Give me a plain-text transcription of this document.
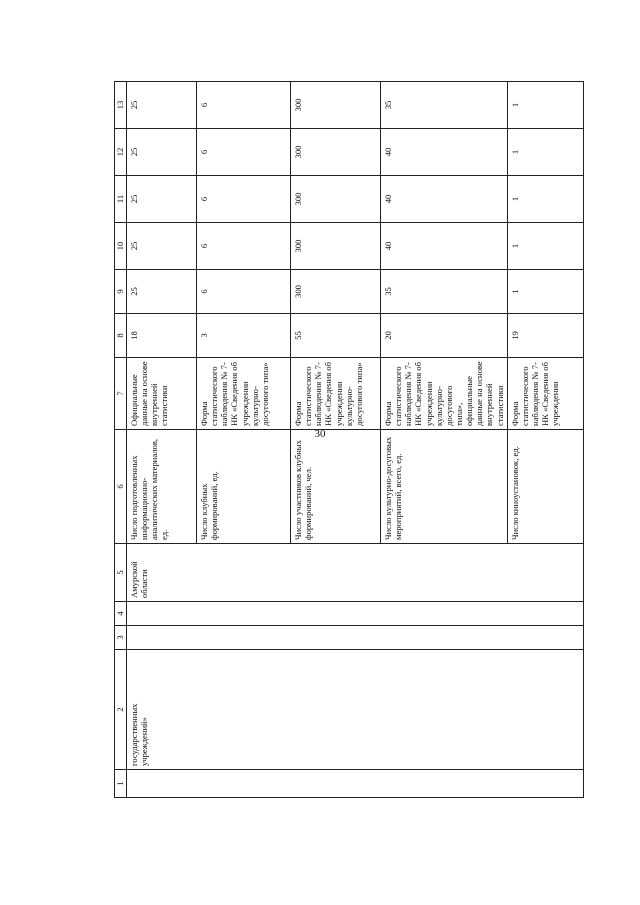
30
1	2	3	4	5	6	7	8	9	10	11	12	13
	государственных учреждений»			Амурской области	Число подготовленных информационно-аналитических материалов, ед.	Официальные данные на основе внутренней статистики	18	25	25	25	25	25
					Число клубных формирований, ед.	Форма статистического наблюдения № 7-НК «Сведения об учреждении культурно-досугового типа»	3	6	6	6	6	6
					Число участников клубных формирований, чел.	Форма статистического наблюдения № 7-НК «Сведения об учреждении культурно-досугового типа»	55	300	300	300	300	300
					Число культурно-досуговых мероприятий, всего, ед.	Форма статистического наблюдения № 7-НК «Сведения об учреждении культурно-досугового типа», официальные данные на основе внутренней статистики	20	35	40	40	40	35
					Число киноустановок, ед.	Форма статистического наблюдения № 7-НК «Сведения об учреждении	19	1	1	1	1	1
